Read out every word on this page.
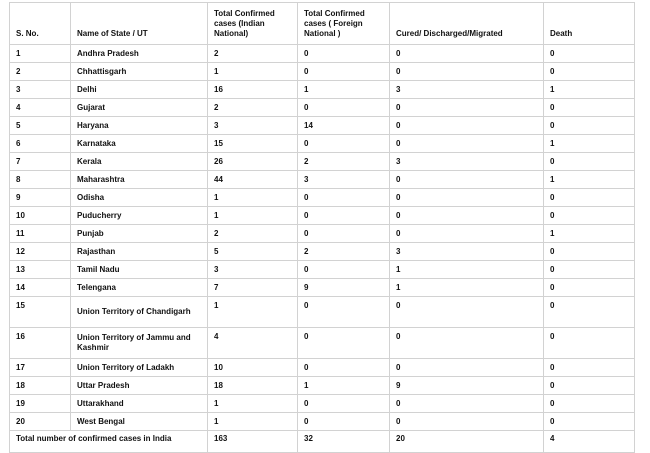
S. No.	Name of State / UT	Total Confirmed cases (Indian National)	Total Confirmed cases ( Foreign National )	Cured/ Discharged/Migrated	Death
1	Andhra Pradesh	2	0	0	0
2	Chhattisgarh	1	0	0	0
3	Delhi	16	1	3	1
4	Gujarat	2	0	0	0
5	Haryana	3	14	0	0
6	Karnataka	15	0	0	1
7	Kerala	26	2	3	0
8	Maharashtra	44	3	0	1
9	Odisha	1	0	0	0
10	Puducherry	1	0	0	0
11	Punjab	2	0	0	1
12	Rajasthan	5	2	3	0
13	Tamil Nadu	3	0	1	0
14	Telengana	7	9	1	0
15	Union Territory of Chandigarh	1	0	0	0
16	Union Territory of Jammu and Kashmir	4	0	0	0
17	Union Territory of Ladakh	10	0	0	0
18	Uttar Pradesh	18	1	9	0
19	Uttarakhand	1	0	0	0
20	West Bengal	1	0	0	0
Total number of confirmed cases in India		163	32	20	4
